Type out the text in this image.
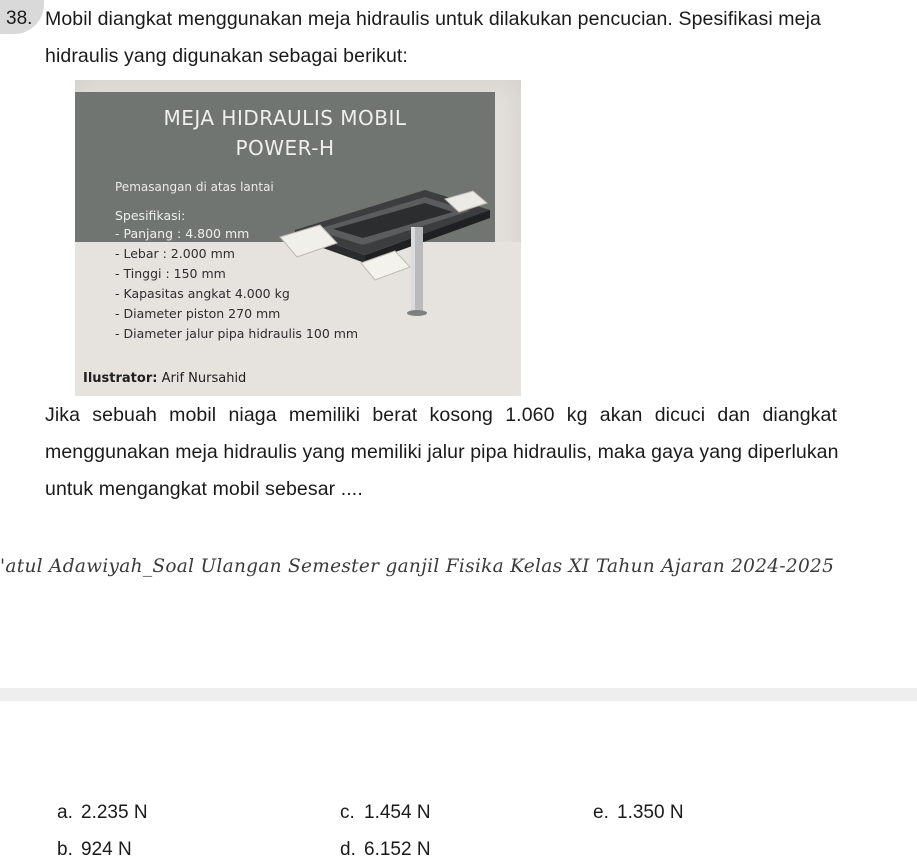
38. Mobil diangkat menggunakan meja hidraulis untuk dilakukan pencucian. Spesifikasi meja
hidraulis yang digunakan sebagai berikut:
MEJA HIDRAULIS MOBIL
POWER-H
Pemasangan di atas lantai
Spesifikasi:
- Panjang : 4.800 mm
- Lebar : 2.000 mm
- Tinggi : 150 mm
- Kapasitas angkat 4.000 kg
- Diameter piston 270 mm
- Diameter jalur pipa hidraulis 100 mm
Ilustrator: Arif Nursahid
Jika sebuah mobil niaga memiliki berat kosong 1.060 kg akan dicuci dan diangkat
menggunakan meja hidraulis yang memiliki jalur pipa hidraulis, maka gaya yang diperlukan
untuk mengangkat mobil sebesar ....
'atul Adawiyah_Soal Ulangan Semester ganjil Fisika Kelas XI Tahun Ajaran 2024-2025
a. 2.235 N
b. 924 N
c. 1.454 N
d. 6.152 N
e. 1.350 N
